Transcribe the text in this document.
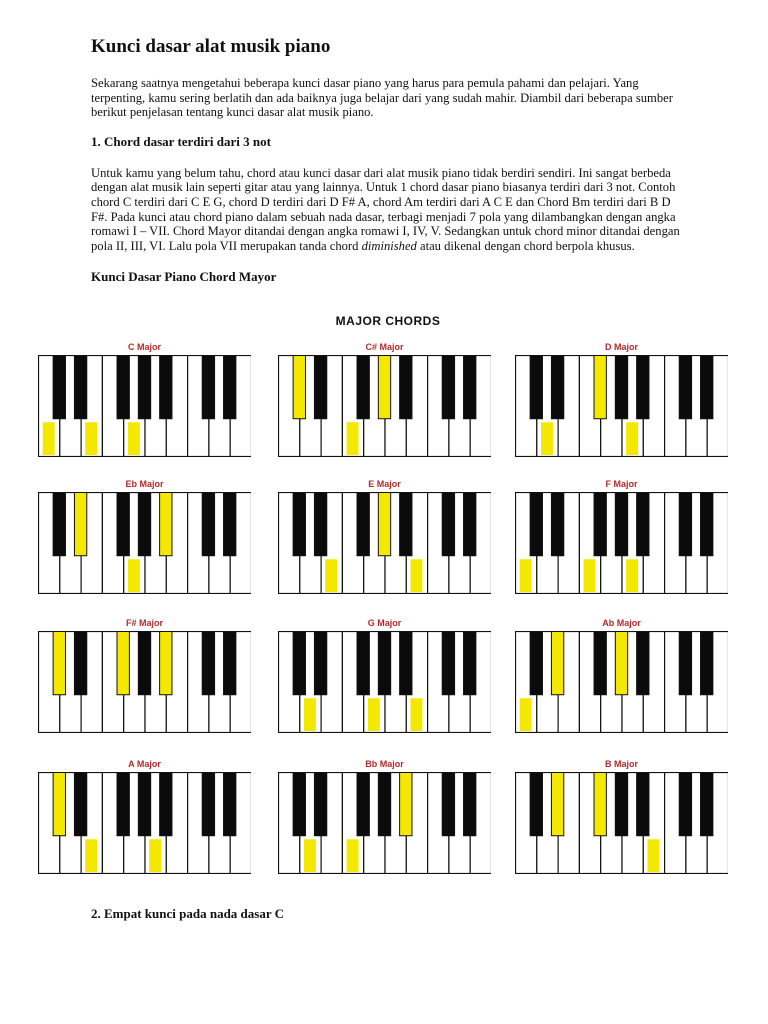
Kunci dasar alat musik piano

Sekarang saatnya mengetahui beberapa kunci dasar piano yang harus para pemula pahami dan pelajari. Yang terpenting, kamu sering berlatih dan ada baiknya juga belajar dari yang sudah mahir. Diambil dari beberapa sumber berikut penjelasan tentang kunci dasar alat musik piano.

1. Chord dasar terdiri dari 3 not

Untuk kamu yang belum tahu, chord atau kunci dasar dari alat musik piano tidak berdiri sendiri. Ini sangat berbeda dengan alat musik lain seperti gitar atau yang lainnya. Untuk 1 chord dasar piano biasanya terdiri dari 3 not. Contoh chord C terdiri dari C E G, chord D terdiri dari D F# A, chord Am terdiri dari A C E dan Chord Bm terdiri dari B D F#. Pada kunci atau chord piano dalam sebuah nada dasar, terbagi menjadi 7 pola yang dilambangkan dengan angka romawi I – VII. Chord Mayor ditandai dengan angka romawi I, IV, V. Sedangkan untuk chord minor ditandai dengan pola II, III, VI. Lalu pola VII merupakan tanda chord diminished atau dikenal dengan chord berpola khusus.

Kunci Dasar Piano Chord Mayor
MAJOR CHORDS
C Major	C# Major	D Major
Eb Major	E Major	F Major
F# Major	G Major	Ab Major
A Major	Bb Major	B Major
2. Empat kunci pada nada dasar C
